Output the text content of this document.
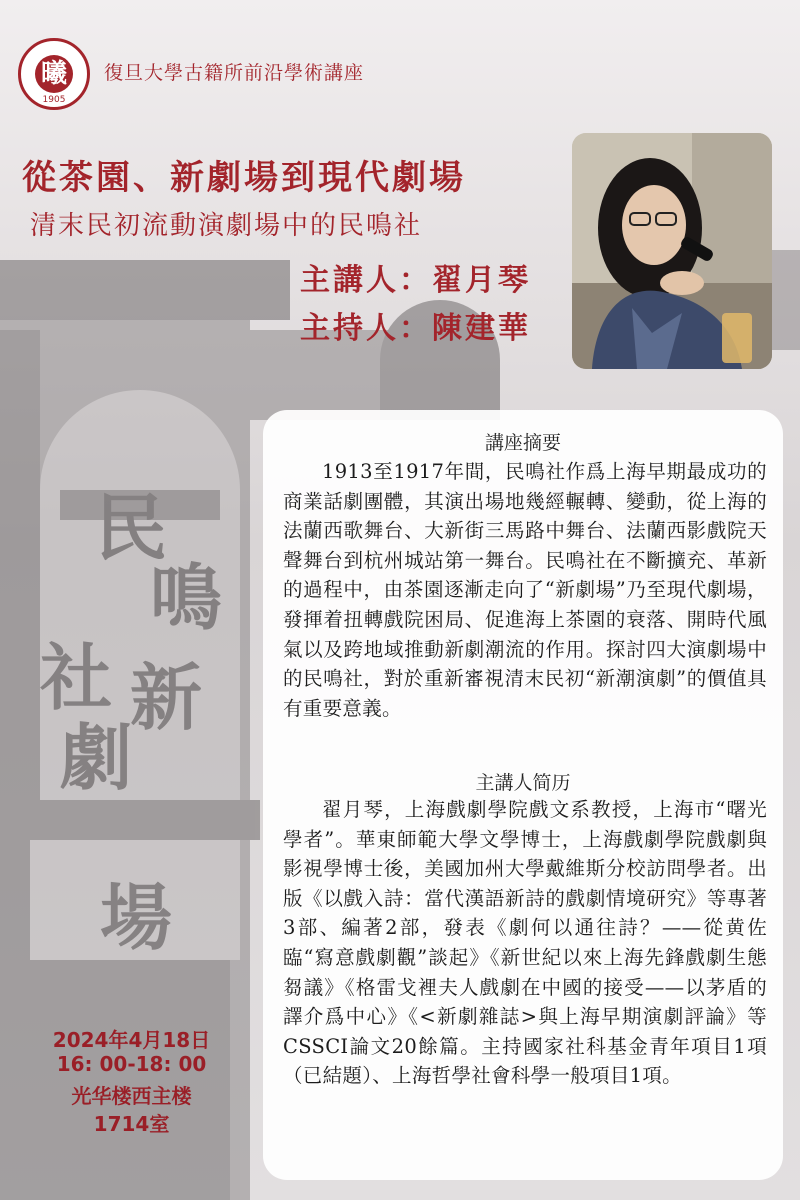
民
鳴
社 新
劇
場
曦
1905
復旦大學古籍所前沿學術講座
從茶園、新劇場到現代劇場
清末民初流動演劇場中的民鳴社
主講人：翟月琴
主持人：陳建華
講座摘要

1913至1917年間，民鳴社作爲上海早期最成功的商業話劇團體，其演出場地幾經輾轉、變動，從上海的法蘭西歌舞台、大新街三馬路中舞台、法蘭西影戲院天聲舞台到杭州城站第一舞台。民鳴社在不斷擴充、革新的過程中，由茶園逐漸走向了“新劇場”乃至現代劇場，發揮着扭轉戲院困局、促進海上茶園的衰落、開時代風氣以及跨地域推動新劇潮流的作用。探討四大演劇場中的民鳴社，對於重新審視清末民初“新潮演劇”的價值具有重要意義。

主講人简历

翟月琴，上海戲劇學院戲文系教授，上海市“曙光學者”。華東師範大學文學博士，上海戲劇學院戲劇與影視學博士後，美國加州大學戴維斯分校訪問學者。出版《以戲入詩：當代漢語新詩的戲劇情境研究》等專著3部、編著2部，發表《劇何以通往詩？——從黄佐臨“寫意戲劇觀”談起》《新世紀以來上海先鋒戲劇生態芻議》《格雷戈裡夫人戲劇在中國的接受——以茅盾的譯介爲中心》《<新劇雜誌>與上海早期演劇評論》等CSSCI論文20餘篇。主持國家社科基金青年項目1項（已結題）、上海哲學社會科學一般項目1項。

2024年4月18日
16: 00-18: 00
光华楼西主楼
1714室
